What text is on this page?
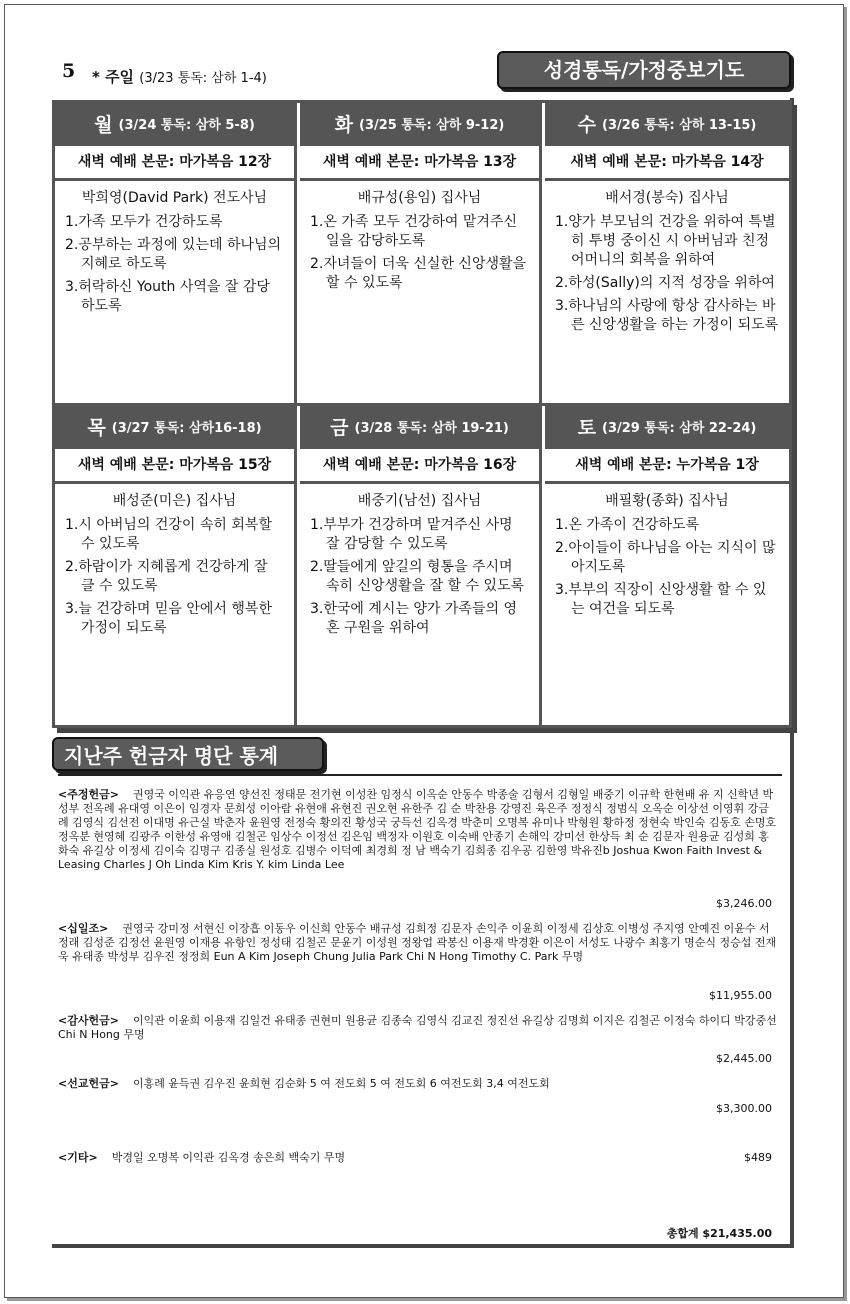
5 * 주일 (3/23 통독: 삼하 1-4)	성경통독/가정중보기도
월 (3/24 통독: 삼하 5-8)
새벽 예배 본문: 마가복음 12장
박희영(David Park) 전도사님

1.가족 모두가 건강하도록

2.공부하는 과정에 있는데 하나님의 지혜로 하도록

3.허락하신 Youth 사역을 잘 감당 하도록

화 (3/25 통독: 삼하 9-12)
새벽 예배 본문: 마가복음 13장
배규성(용임) 집사님

1.온 가족 모두 건강하여 맡겨주신 일을 감당하도록

2.자녀들이 더욱 신실한 신앙생활을 할 수 있도록

수 (3/26 통독: 삼하 13-15)
새벽 예배 본문: 마가복음 14장
배서경(봉숙) 집사님

1.양가 부모님의 건강을 위하여 특별히 투병 중이신 시 아버님과 친정어머니의 회복을 위하여

2.하성(Sally)의 지적 성장을 위하여

3.하나님의 사랑에 항상 감사하는 바른 신앙생활을 하는 가정이 되도록

목 (3/27 통독: 삼하16-18)
새벽 예배 본문: 마가복음 15장
배성준(미은) 집사님

1.시 아버님의 건강이 속히 회복할 수 있도록

2.하람이가 지혜롭게 건강하게 잘 클 수 있도록

3.늘 건강하며 믿음 안에서 행복한 가정이 되도록

금 (3/28 통독: 삼하 19-21)
새벽 예배 본문: 마가복음 16장
배중기(남선) 집사님

1.부부가 건강하며 맡겨주신 사명 잘 감당할 수 있도록

2.딸들에게 앞길의 형통을 주시며 속히 신앙생활을 잘 할 수 있도록

3.한국에 계시는 양가 가족들의 영혼 구원을 위하여

토 (3/29 통독: 삼하 22-24)
새벽 예배 본문: 누가복음 1장
배필황(종화) 집사님

1.온 가족이 건강하도록

2.아이들이 하나님을 아는 지식이 많아지도록

3.부부의 직장이 신앙생활 할 수 있는 여건을 되도록

지난주 헌금자 명단 통계
<주정헌금> 권영국 이익관 유응연 양선진 정태문 전기현 이성찬 임정식 이옥순 안동수 박종술 김형서 김형일 배중기 이규학 한현배 유 지 신학년 박성부 전옥례 유대영 이은이 임경자 문희성 이아람 유현애 유현진 권오현 유한주 김 순 박찬용 강영진 육은주 정정식 정범식 오옥순 이상선 이영휘 강금례 김영식 김선전 이대명 유근실 박춘자 윤원영 전정숙 황의진 황성국 궁득선 김옥경 박춘미 오명복 유미나 박형원 황하정 정현숙 박인숙 김동호 손명호 정옥분 현영혜 김광주 이한성 유영애 김철곤 임상수 이정선 김은임 백정자 이원호 이숙배 안종기 손해익 강미선 한상득 최 순 김문자 원용균 김성희 홍화숙 유길상 이정세 김이숙 김명구 김종실 원성호 김병수 이덕예 최경희 정 남 백숙기 김희종 김우공 김한영 박유진b Joshua Kwon Faith Invest & Leasing Charles J Oh Linda Kim Kris Y. kim Linda Lee
$3,246.00
<십일조> 권영국 강미정 서현신 이장흡 이동우 이신희 안동수 배규성 김희정 김문자 손익주 이윤희 이정세 김상호 이병성 주지영 안예진 이윤수 서정래 김성준 김정선 윤원영 이재용 유항인 정성태 김철곤 문윤기 이성원 정왕업 곽봉신 이용재 박경환 이은이 서성도 나광수 최홍기 명순식 정승섭 전재욱 유태종 박성부 김우진 정정희 Eun A Kim Joseph Chung Julia Park Chi N Hong Timothy C. Park 무명
$11,955.00
<감사헌금> 이익관 이윤희 이용재 김일건 유태종 권현미 원용균 김종숙 김영식 김교진 정진선 유길상 김명희 이지은 김철곤 이정숙 하이디 박강중선 Chi N Hong 무명
$2,445.00
<선교헌금> 이홍례 윤득권 김우진 윤희현 김순화 5 여 전도회 5 여 전도회 6 여전도회 3,4 여전도회
$3,300.00
<기타> 박경일 오명복 이익관 김옥경 송은희 백숙기 무명	$489
총합계 $21,435.00
